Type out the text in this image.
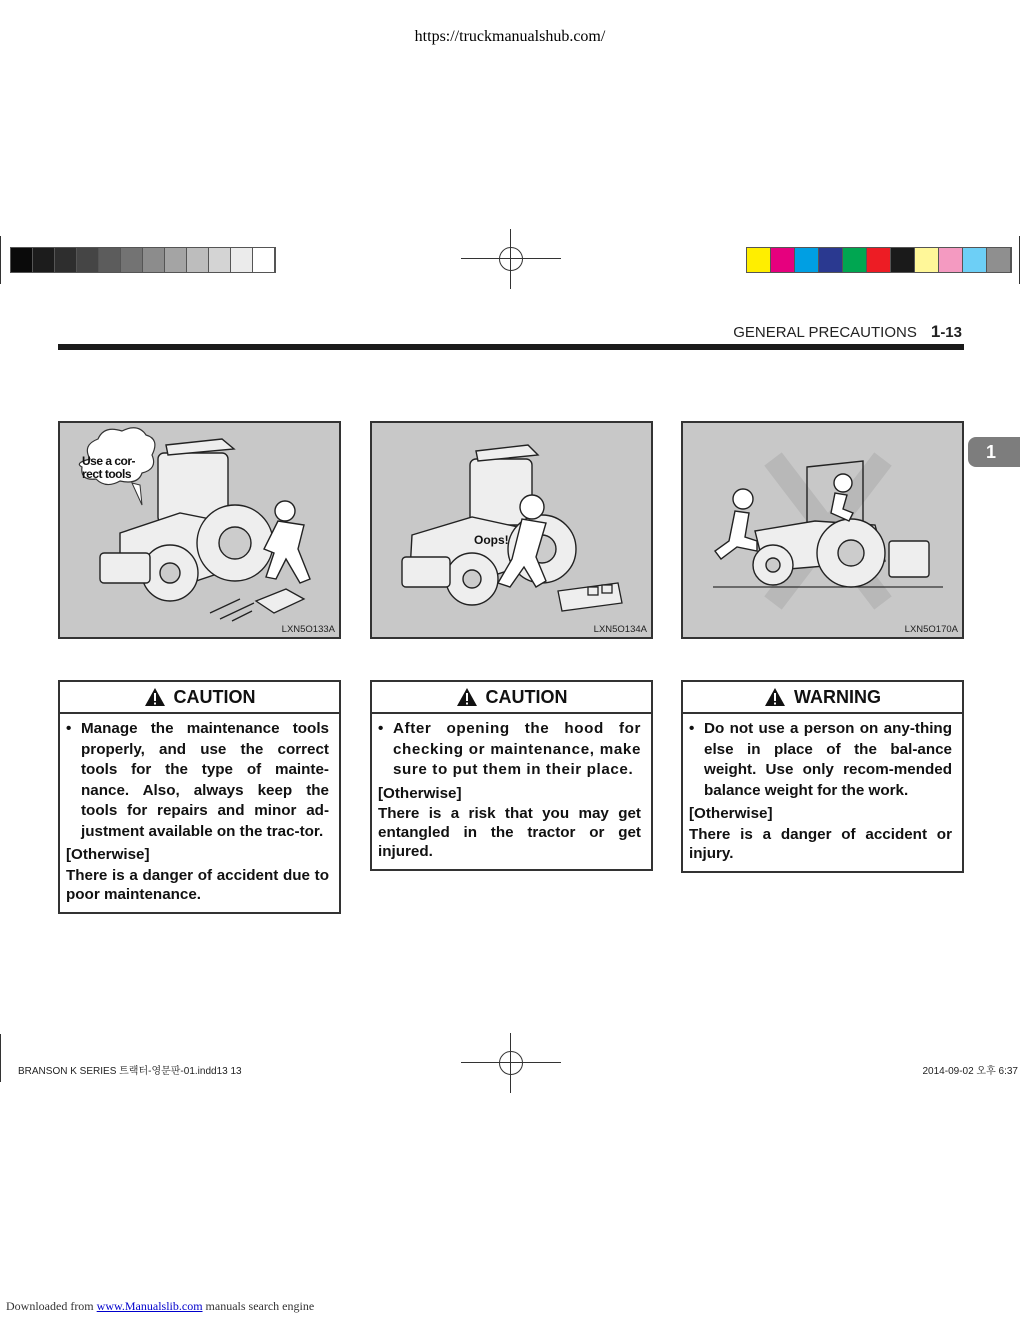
https://truckmanualshub.com/
GENERAL PRECAUTIONS 1-13
1
Use a cor-
rect tools
LXN5O133A
Oops!
LXN5O134A	LXN5O170A
CAUTION
• Manage the maintenance tools properly, and use the correct tools for the type of mainte-nance. Also, always keep the tools for repairs and minor ad-justment available on the trac-tor.
[Otherwise]
There is a danger of accident due to poor maintenance.
CAUTION
• After opening the hood for checking or maintenance, make sure to put them in their place.
[Otherwise]
There is a risk that you may get entangled in the tractor or get injured.
WARNING
• Do not use a person on any-thing else in place of the bal-ance weight. Use only recom-mended balance weight for the work.
[Otherwise]
There is a danger of accident or injury.
BRANSON K SERIES 트랙터-영문판-01.indd13 13	2014-09-02 오후 6:37
Downloaded from www.Manualslib.com manuals search engine
